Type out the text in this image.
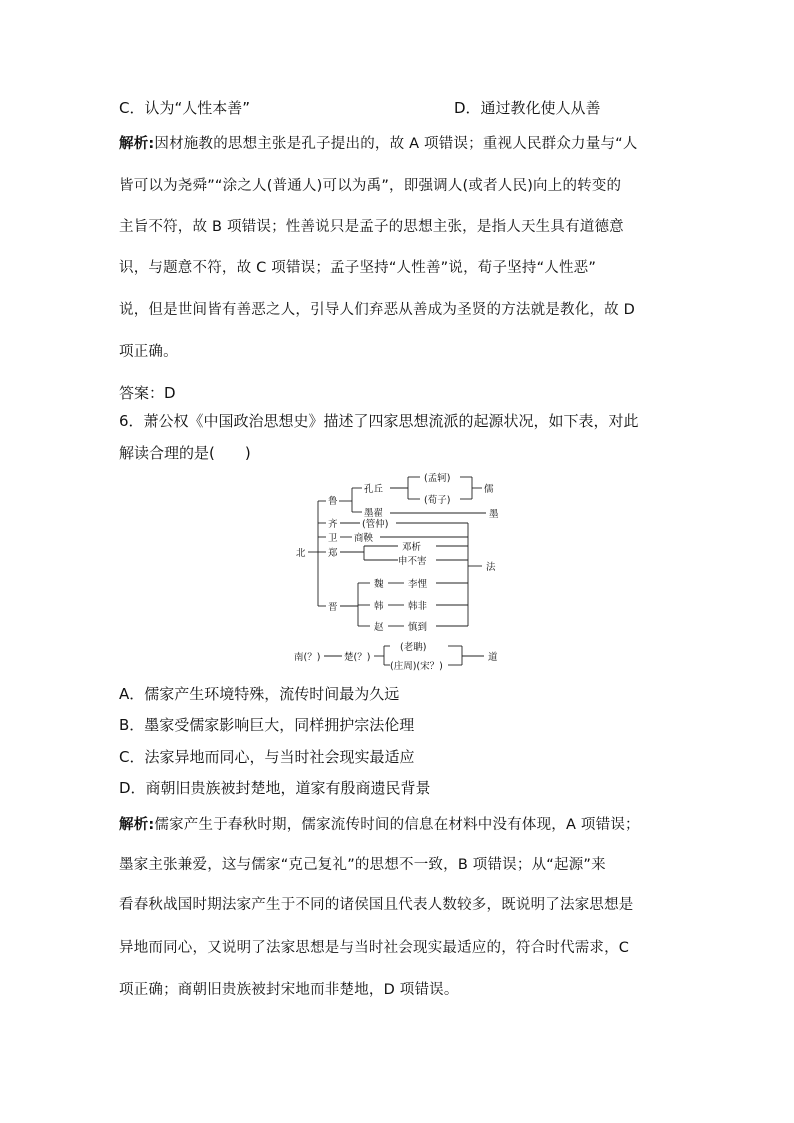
C．认为“人性本善”	D．通过教化使人从善
解析:因材施教的思想主张是孔子提出的，故 A 项错误；重视人民群众力量与“人
皆可以为尧舜”“涂之人(普通人)可以为禹”，即强调人(或者人民)向上的转变的
主旨不符，故 B 项错误；性善说只是孟子的思想主张，是指人天生具有道德意
识，与题意不符，故 C 项错误；孟子坚持“人性善”说，荀子坚持“人性恶”
说，但是世间皆有善恶之人，引导人们弃恶从善成为圣贤的方法就是教化，故 D
项正确。
答案：D
6．萧公权《中国政治思想史》描述了四家思想流派的起源状况，如下表，对此
解读合理的是(　　)
鲁
孔丘
(孟轲)
(荀子)
儒
墨翟	墨
北
齐	(管仲)
卫 商鞅
郑
邓析
申不害
法
晋
魏
韩
赵
李悝
韩非
慎到
南(？) 楚(？)
(老聃)
(庄周)(宋？)
道
A．儒家产生环境特殊，流传时间最为久远
B．墨家受儒家影响巨大，同样拥护宗法伦理
C．法家异地而同心，与当时社会现实最适应
D．商朝旧贵族被封楚地，道家有殷商遗民背景
解析:儒家产生于春秋时期，儒家流传时间的信息在材料中没有体现，A 项错误；
墨家主张兼爱，这与儒家“克己复礼”的思想不一致，B 项错误；从“起源”来
看春秋战国时期法家产生于不同的诸侯国且代表人数较多，既说明了法家思想是
异地而同心，又说明了法家思想是与当时社会现实最适应的，符合时代需求，C
项正确；商朝旧贵族被封宋地而非楚地，D 项错误。
